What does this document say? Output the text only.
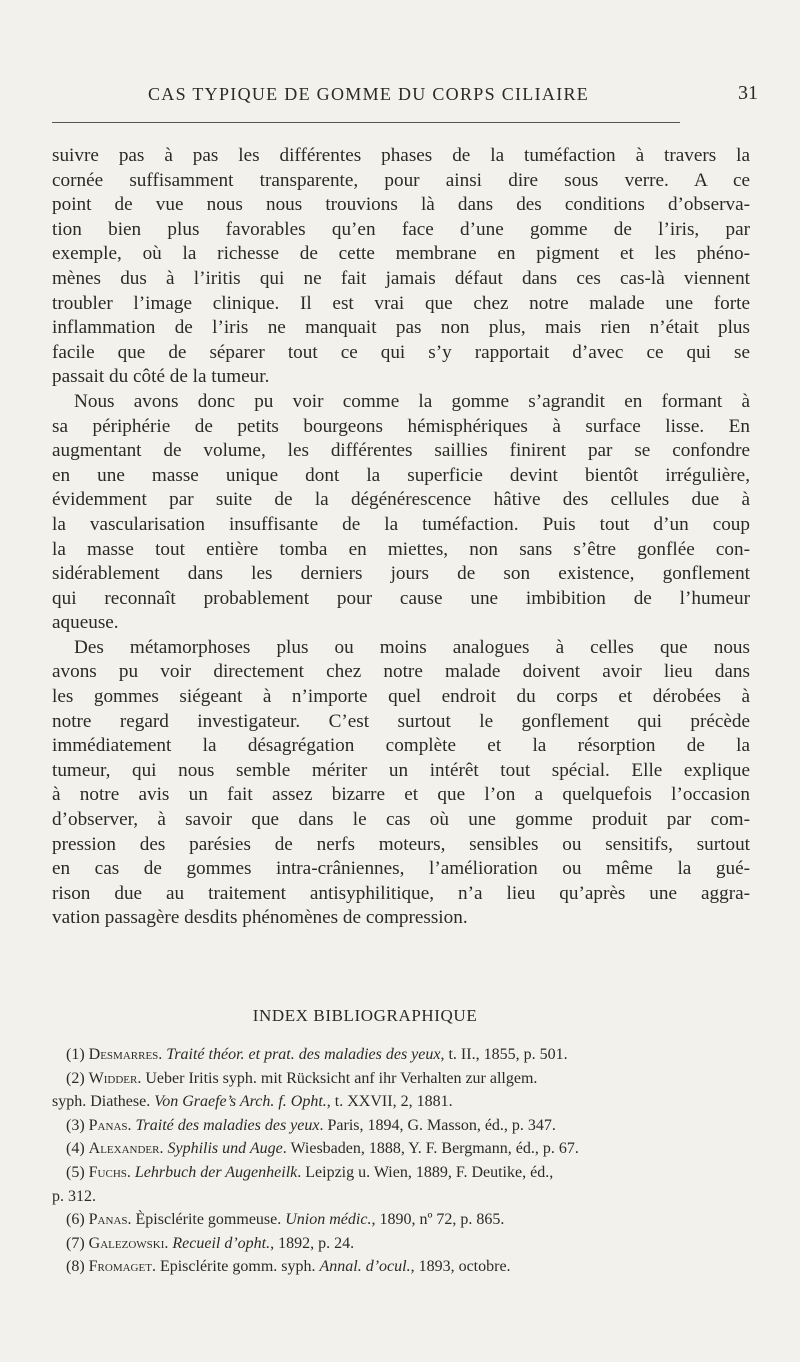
CAS TYPIQUE DE GOMME DU CORPS CILIAIRE	31
suivre pas à pas les différentes phases de la tuméfaction à travers la
cornée suffisamment transparente, pour ainsi dire sous verre. A ce
point de vue nous nous trouvions là dans des conditions d’observa-
tion bien plus favorables qu’en face d’une gomme de l’iris, par
exemple, où la richesse de cette membrane en pigment et les phéno-
mènes dus à l’iritis qui ne fait jamais défaut dans ces cas-là viennent
troubler l’image clinique. Il est vrai que chez notre malade une forte
inflammation de l’iris ne manquait pas non plus, mais rien n’était plus
facile que de séparer tout ce qui s’y rapportait d’avec ce qui se
passait du côté de la tumeur.
Nous avons donc pu voir comme la gomme s’agrandit en formant à
sa périphérie de petits bourgeons hémisphériques à surface lisse. En
augmentant de volume, les différentes saillies finirent par se confondre
en une masse unique dont la superficie devint bientôt irrégulière,
évidemment par suite de la dégénérescence hâtive des cellules due à
la vascularisation insuffisante de la tuméfaction. Puis tout d’un coup
la masse tout entière tomba en miettes, non sans s’être gonflée con-
sidérablement dans les derniers jours de son existence, gonflement
qui reconnaît probablement pour cause une imbibition de l’humeur
aqueuse.
Des métamorphoses plus ou moins analogues à celles que nous
avons pu voir directement chez notre malade doivent avoir lieu dans
les gommes siégeant à n’importe quel endroit du corps et dérobées à
notre regard investigateur. C’est surtout le gonflement qui précède
immédiatement la désagrégation complète et la résorption de la
tumeur, qui nous semble mériter un intérêt tout spécial. Elle explique
à notre avis un fait assez bizarre et que l’on a quelquefois l’occasion
d’observer, à savoir que dans le cas où une gomme produit par com-
pression des parésies de nerfs moteurs, sensibles ou sensitifs, surtout
en cas de gommes intra-crâniennes, l’amélioration ou même la gué-
rison due au traitement antisyphilitique, n’a lieu qu’après une aggra-
vation passagère desdits phénomènes de compression.
INDEX BIBLIOGRAPHIQUE
(1) Desmarres. Traité théor. et prat. des maladies des yeux, t. II., 1855, p. 501.
(2) Widder. Ueber Iritis syph. mit Rücksicht anf ihr Verhalten zur allgem.
syph. Diathese. Von Graefe’s Arch. f. Opht., t. XXVII, 2, 1881.
(3) Panas. Traité des maladies des yeux. Paris, 1894, G. Masson, éd., p. 347.
(4) Alexander. Syphilis und Auge. Wiesbaden, 1888, Y. F. Bergmann, éd., p. 67.
(5) Fuchs. Lehrbuch der Augenheilk. Leipzig u. Wien, 1889, F. Deutike, éd.,
p. 312.
(6) Panas. Èpisclérite gommeuse. Union médic., 1890, nº 72, p. 865.
(7) Galezowski. Recueil d’opht., 1892, p. 24.
(8) Fromaget. Episclérite gomm. syph. Annal. d’ocul., 1893, octobre.
